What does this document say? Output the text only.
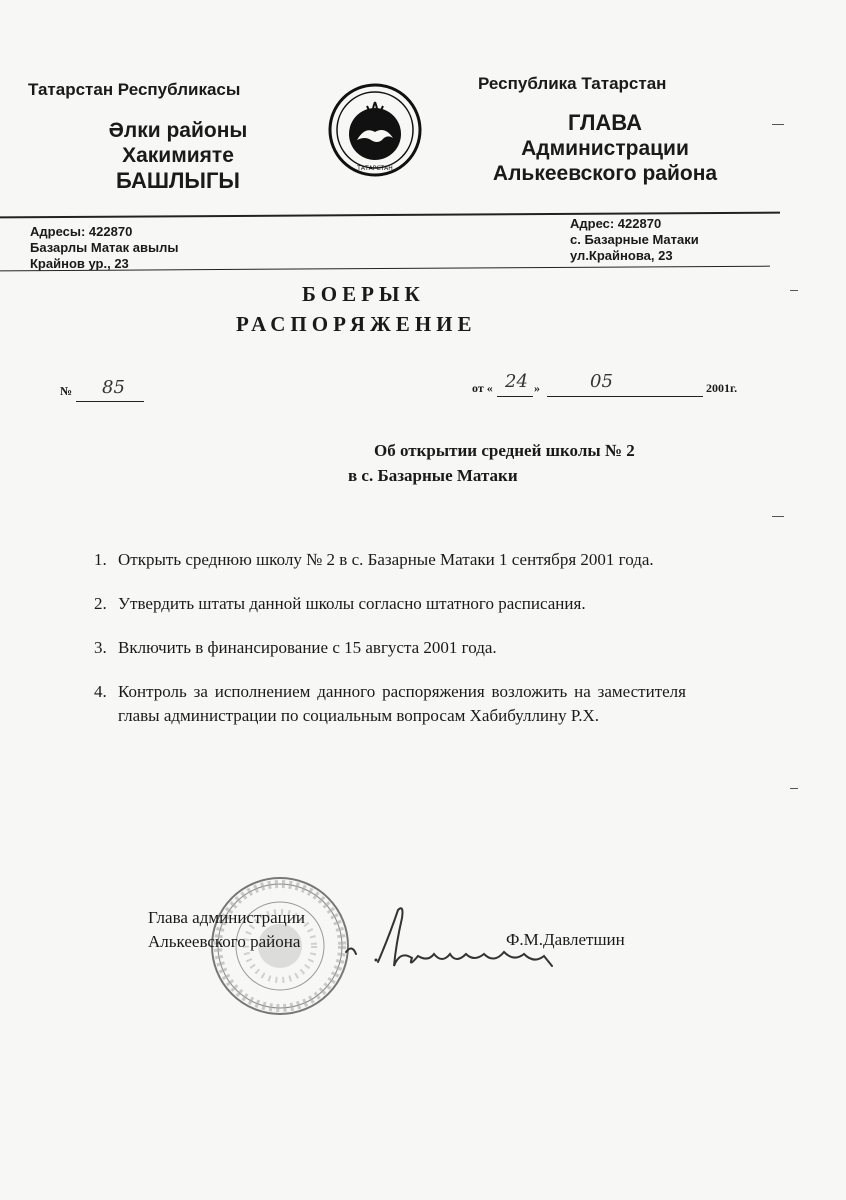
Татарстан Республикасы
Әлки районы
Хакимияте
БАШЛЫГЫ	ТАТАРСТАН
Республика Татарстан
ГЛАВА
Администрации
Алькеевского района
Адресы: 422870
Базарлы Матак авылы
Крайнов ур., 23
Адрес: 422870
с. Базарные Матаки
ул.Крайнова, 23
БОЕРЫК
РАСПОРЯЖЕНИЕ
№ 85	от « 24 »	05	2001г.
Об открытии средней школы № 2
в с. Базарные Матаки
1. Открыть среднюю школу № 2 в с. Базарные Матаки 1 сентября 2001 года.
2. Утвердить штаты данной школы согласно штатного расписания.
3. Включить в финансирование с 15 августа 2001 года.
4. Контроль за исполнением данного распоряжения возложить на заместителя главы администрации по социальным вопросам Хабибуллину Р.Х.
Глава администрации
Алькеевского района	Ф.М.Давлетшин
